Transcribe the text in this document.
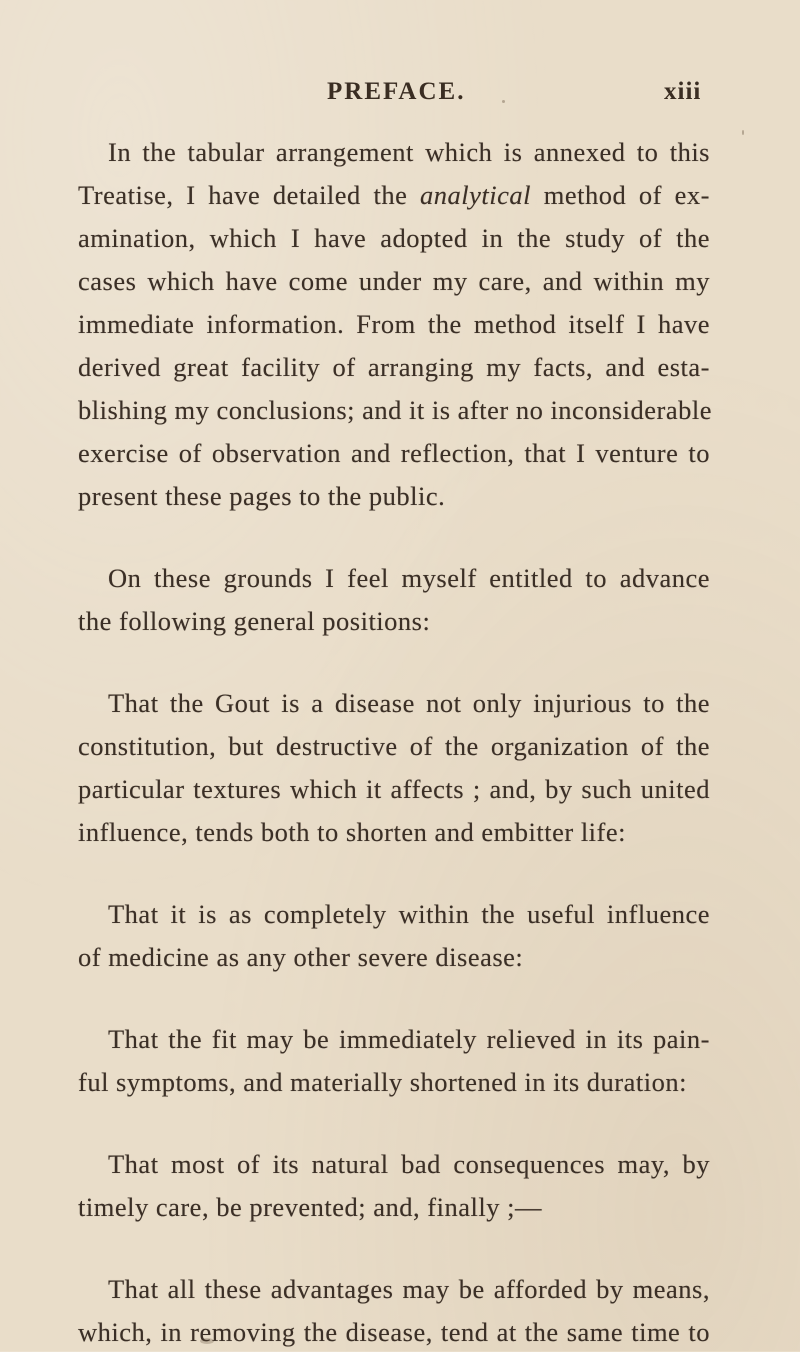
PREFACE.	xiii
In the tabular arrangement which is annexed to this
Treatise, I have detailed the analytical method of ex-
amination, which I have adopted in the study of the
cases which have come under my care, and within my
immediate information. From the method itself I have
derived great facility of arranging my facts, and esta-
blishing my conclusions; and it is after no inconsiderable
exercise of observation and reflection, that I venture to
present these pages to the public.
On these grounds I feel myself entitled to advance
the following general positions:
That the Gout is a disease not only injurious to the
constitution, but destructive of the organization of the
particular textures which it affects ; and, by such united
influence, tends both to shorten and embitter life:
That it is as completely within the useful influence
of medicine as any other severe disease:
That the fit may be immediately relieved in its pain-
ful symptoms, and materially shortened in its duration:
That most of its natural bad consequences may, by
timely care, be prevented; and, finally ;—
That all these advantages may be afforded by means,
which, in removing the disease, tend at the same time to
